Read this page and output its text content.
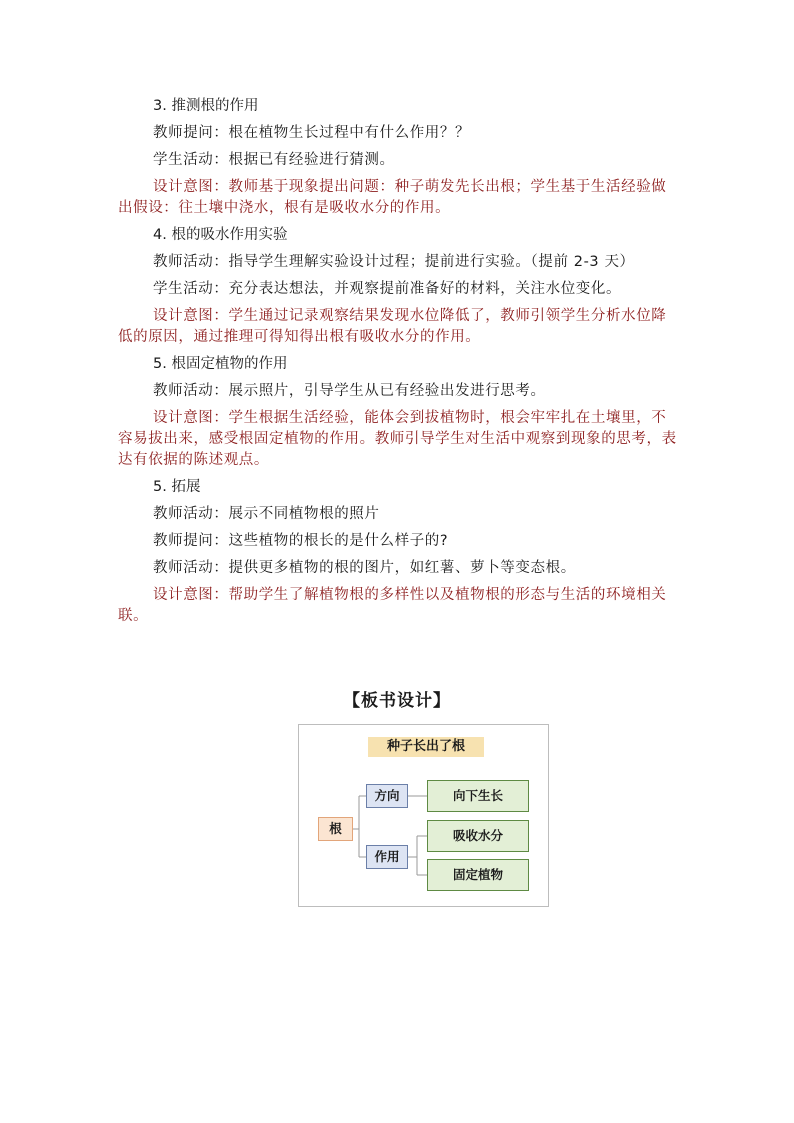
3. 推测根的作用

教师提问：根在植物生长过程中有什么作用？？

学生活动：根据已有经验进行猜测。

设计意图：教师基于现象提出问题：种子萌发先长出根；学生基于生活经验做出假设：往土壤中浇水，根有是吸收水分的作用。

4. 根的吸水作用实验

教师活动：指导学生理解实验设计过程；提前进行实验。（提前 2-3 天）

学生活动：充分表达想法，并观察提前准备好的材料，关注水位变化。

设计意图：学生通过记录观察结果发现水位降低了，教师引领学生分析水位降低的原因，通过推理可得知得出根有吸收水分的作用。

5. 根固定植物的作用

教师活动：展示照片，引导学生从已有经验出发进行思考。

设计意图：学生根据生活经验，能体会到拔植物时，根会牢牢扎在土壤里，不容易拔出来，感受根固定植物的作用。教师引导学生对生活中观察到现象的思考，表达有依据的陈述观点。

5. 拓展

教师活动：展示不同植物根的照片

教师提问：这些植物的根长的是什么样子的?

教师活动：提供更多植物的根的图片，如红薯、萝卜等变态根。

设计意图：帮助学生了解植物根的多样性以及植物根的形态与生活的环境相关联。

【板书设计】
种子长出了根
根
方向
作用
向下生长
吸收水分
固定植物
